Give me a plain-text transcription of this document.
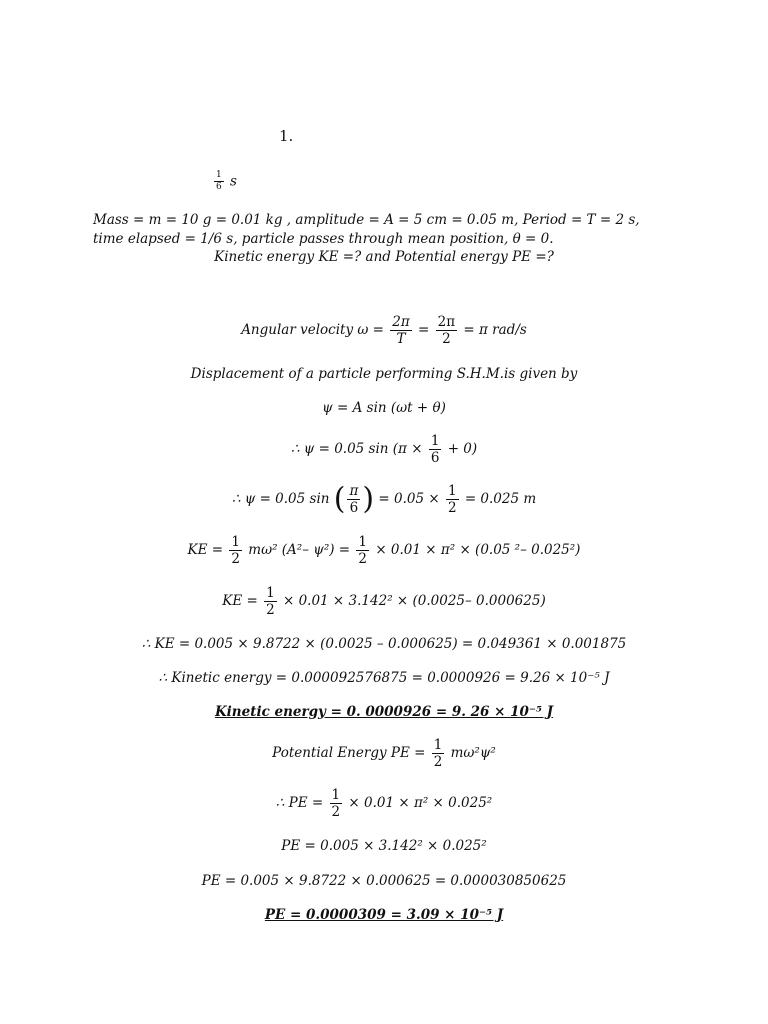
1.
$\frac{1}{6}$ s
Mass = m = 10 g = 0.01 kg , amplitude = A = 5 cm = 0.05 m, Period = T = 2 s,
time elapsed = 1/6 s, particle passes through mean position, θ = 0.
Kinetic energy KE =? and Potential energy PE =?
Angular velocity $\omega = \frac{2\pi}{T} = \frac{2\pi}{2} = \pi$ rad/s
Displacement of a particle performing S.H.M.is given by
ψ = A sin (ωt + θ)
∴ ψ = 0.05 $\sin (\pi \times \frac{1}{6} + 0)$
∴ ψ = 0.05 sin ( $\frac{\pi}{6}$ ) = $0.05 \times \frac{1}{2} = 0.025$ m
KE = $\frac{1}{2} m\omega^2$ (A²– $\psi^2) = \frac{1}{2} \times 0.01 \times \pi^2 \times (0.05$ ²– 0.025²)
KE = $\frac{1}{2} \times 0.01 \times 3.142^2 \times (0.0025-$ 0.000625)
∴ KE = 0.005 × 9.8722 × (0.0025 – 0.000625) = 0.049361 × 0.001875
∴ Kinetic energy = 0.000092576875 = 0.0000926 = 9.26 × 10⁻⁵ J
Kinetic energy = 0. 0000926 = 9. 26 × 10⁻⁵ J
Potential Energy PE = $\frac{1}{2} m\omega^2\psi^2$
∴ PE = $\frac{1}{2} \times 0.01 \times \pi^2 \times 0.025^2$
PE = 0.005 × 3.142² × 0.025²
PE = 0.005 × 9.8722 × 0.000625 = 0.000030850625
PE = 0.0000309 = 3.09 × 10⁻⁵ J
